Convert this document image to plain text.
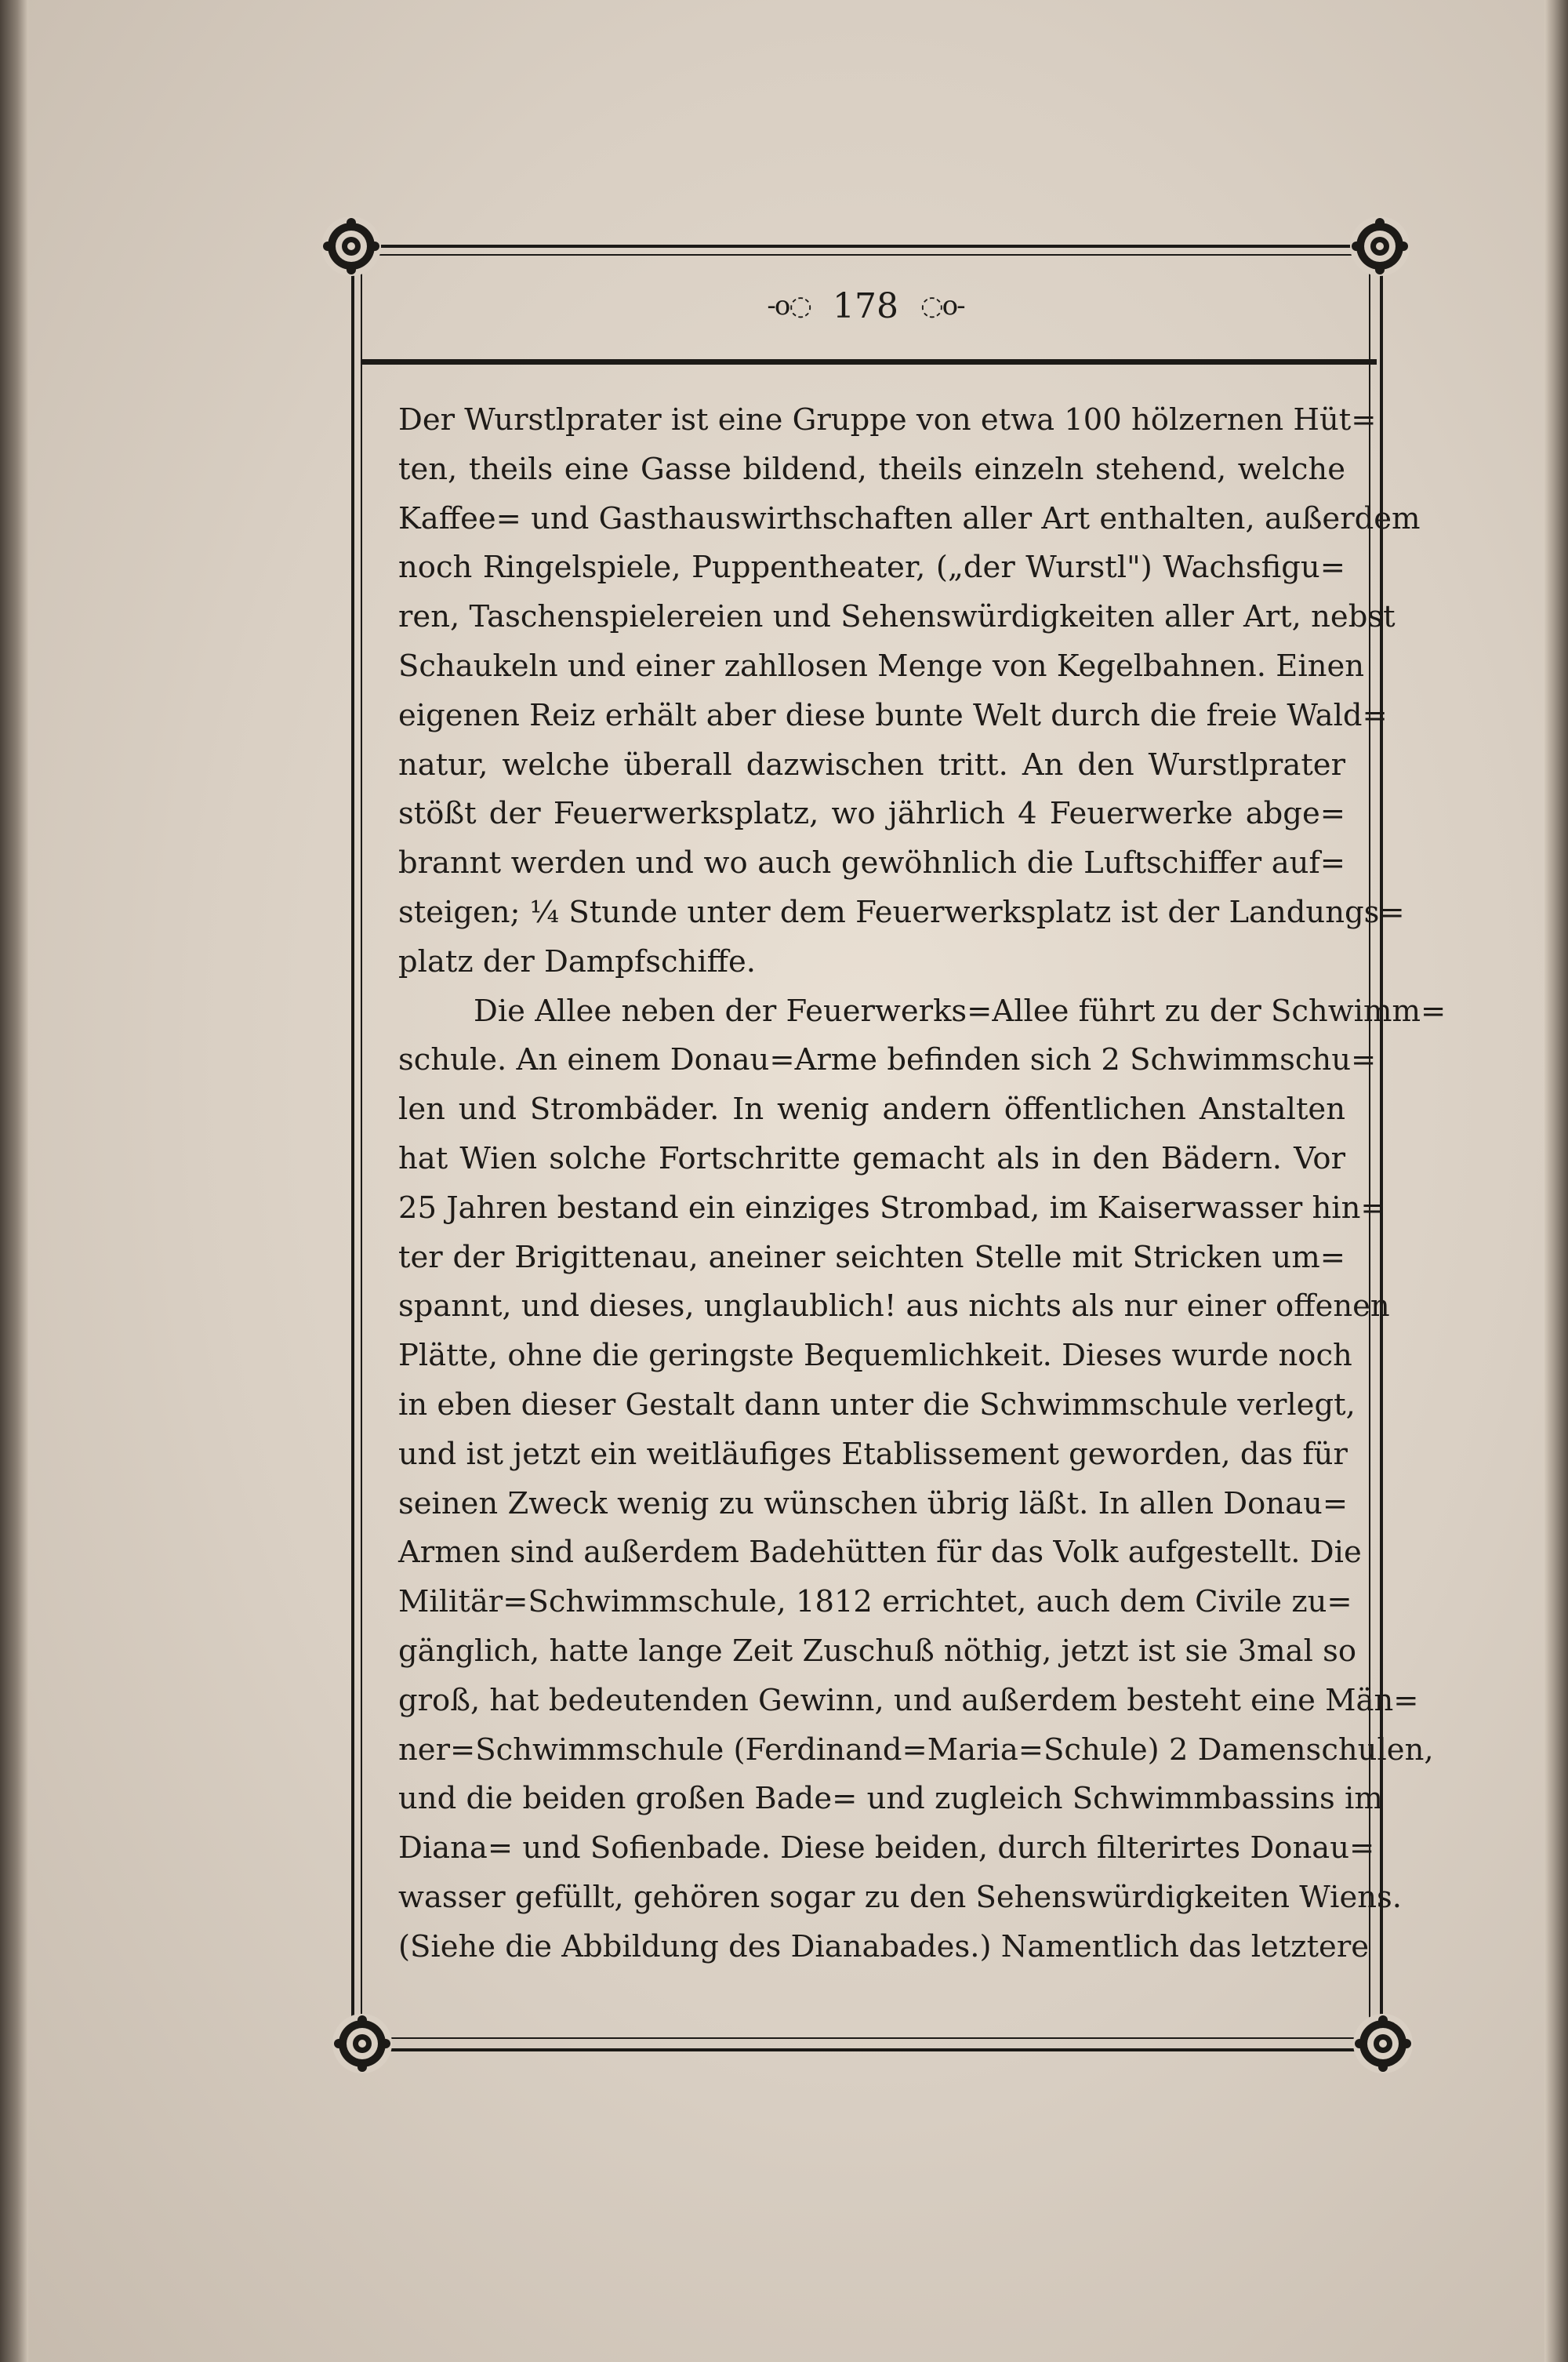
-o◌ 178 ◌o-
Der Wurstlprater ist eine Gruppe von etwa 100 hölzernen Hüt=
ten, theils eine Gasse bildend, theils einzeln stehend, welche
Kaffee= und Gasthauswirthschaften aller Art enthalten, außerdem
noch Ringelspiele, Puppentheater, („der Wurstl") Wachsfigu=
ren, Taschenspielereien und Sehenswürdigkeiten aller Art, nebst
Schaukeln und einer zahllosen Menge von Kegelbahnen. Einen
eigenen Reiz erhält aber diese bunte Welt durch die freie Wald=
natur, welche überall dazwischen tritt. An den Wurstlprater
stößt der Feuerwerksplatz, wo jährlich 4 Feuerwerke abge=
brannt werden und wo auch gewöhnlich die Luftschiffer auf=
steigen; ¼ Stunde unter dem Feuerwerksplatz ist der Landungs=
platz der Dampfschiffe.
Die Allee neben der Feuerwerks=Allee führt zu der Schwimm=
schule. An einem Donau=Arme befinden sich 2 Schwimmschu=
len und Strombäder. In wenig andern öffentlichen Anstalten
hat Wien solche Fortschritte gemacht als in den Bädern. Vor
25 Jahren bestand ein einziges Strombad, im Kaiserwasser hin=
ter der Brigittenau, aneiner seichten Stelle mit Stricken um=
spannt, und dieses, unglaublich! aus nichts als nur einer offenen
Plätte, ohne die geringste Bequemlichkeit. Dieses wurde noch
in eben dieser Gestalt dann unter die Schwimmschule verlegt,
und ist jetzt ein weitläufiges Etablissement geworden, das für
seinen Zweck wenig zu wünschen übrig läßt. In allen Donau=
Armen sind außerdem Badehütten für das Volk aufgestellt. Die
Militär=Schwimmschule, 1812 errichtet, auch dem Civile zu=
gänglich, hatte lange Zeit Zuschuß nöthig, jetzt ist sie 3mal so
groß, hat bedeutenden Gewinn, und außerdem besteht eine Män=
ner=Schwimmschule (Ferdinand=Maria=Schule) 2 Damenschulen,
und die beiden großen Bade= und zugleich Schwimmbassins im
Diana= und Sofienbade. Diese beiden, durch filterirtes Donau=
wasser gefüllt, gehören sogar zu den Sehenswürdigkeiten Wiens.
(Siehe die Abbildung des Dianabades.) Namentlich das letztere
